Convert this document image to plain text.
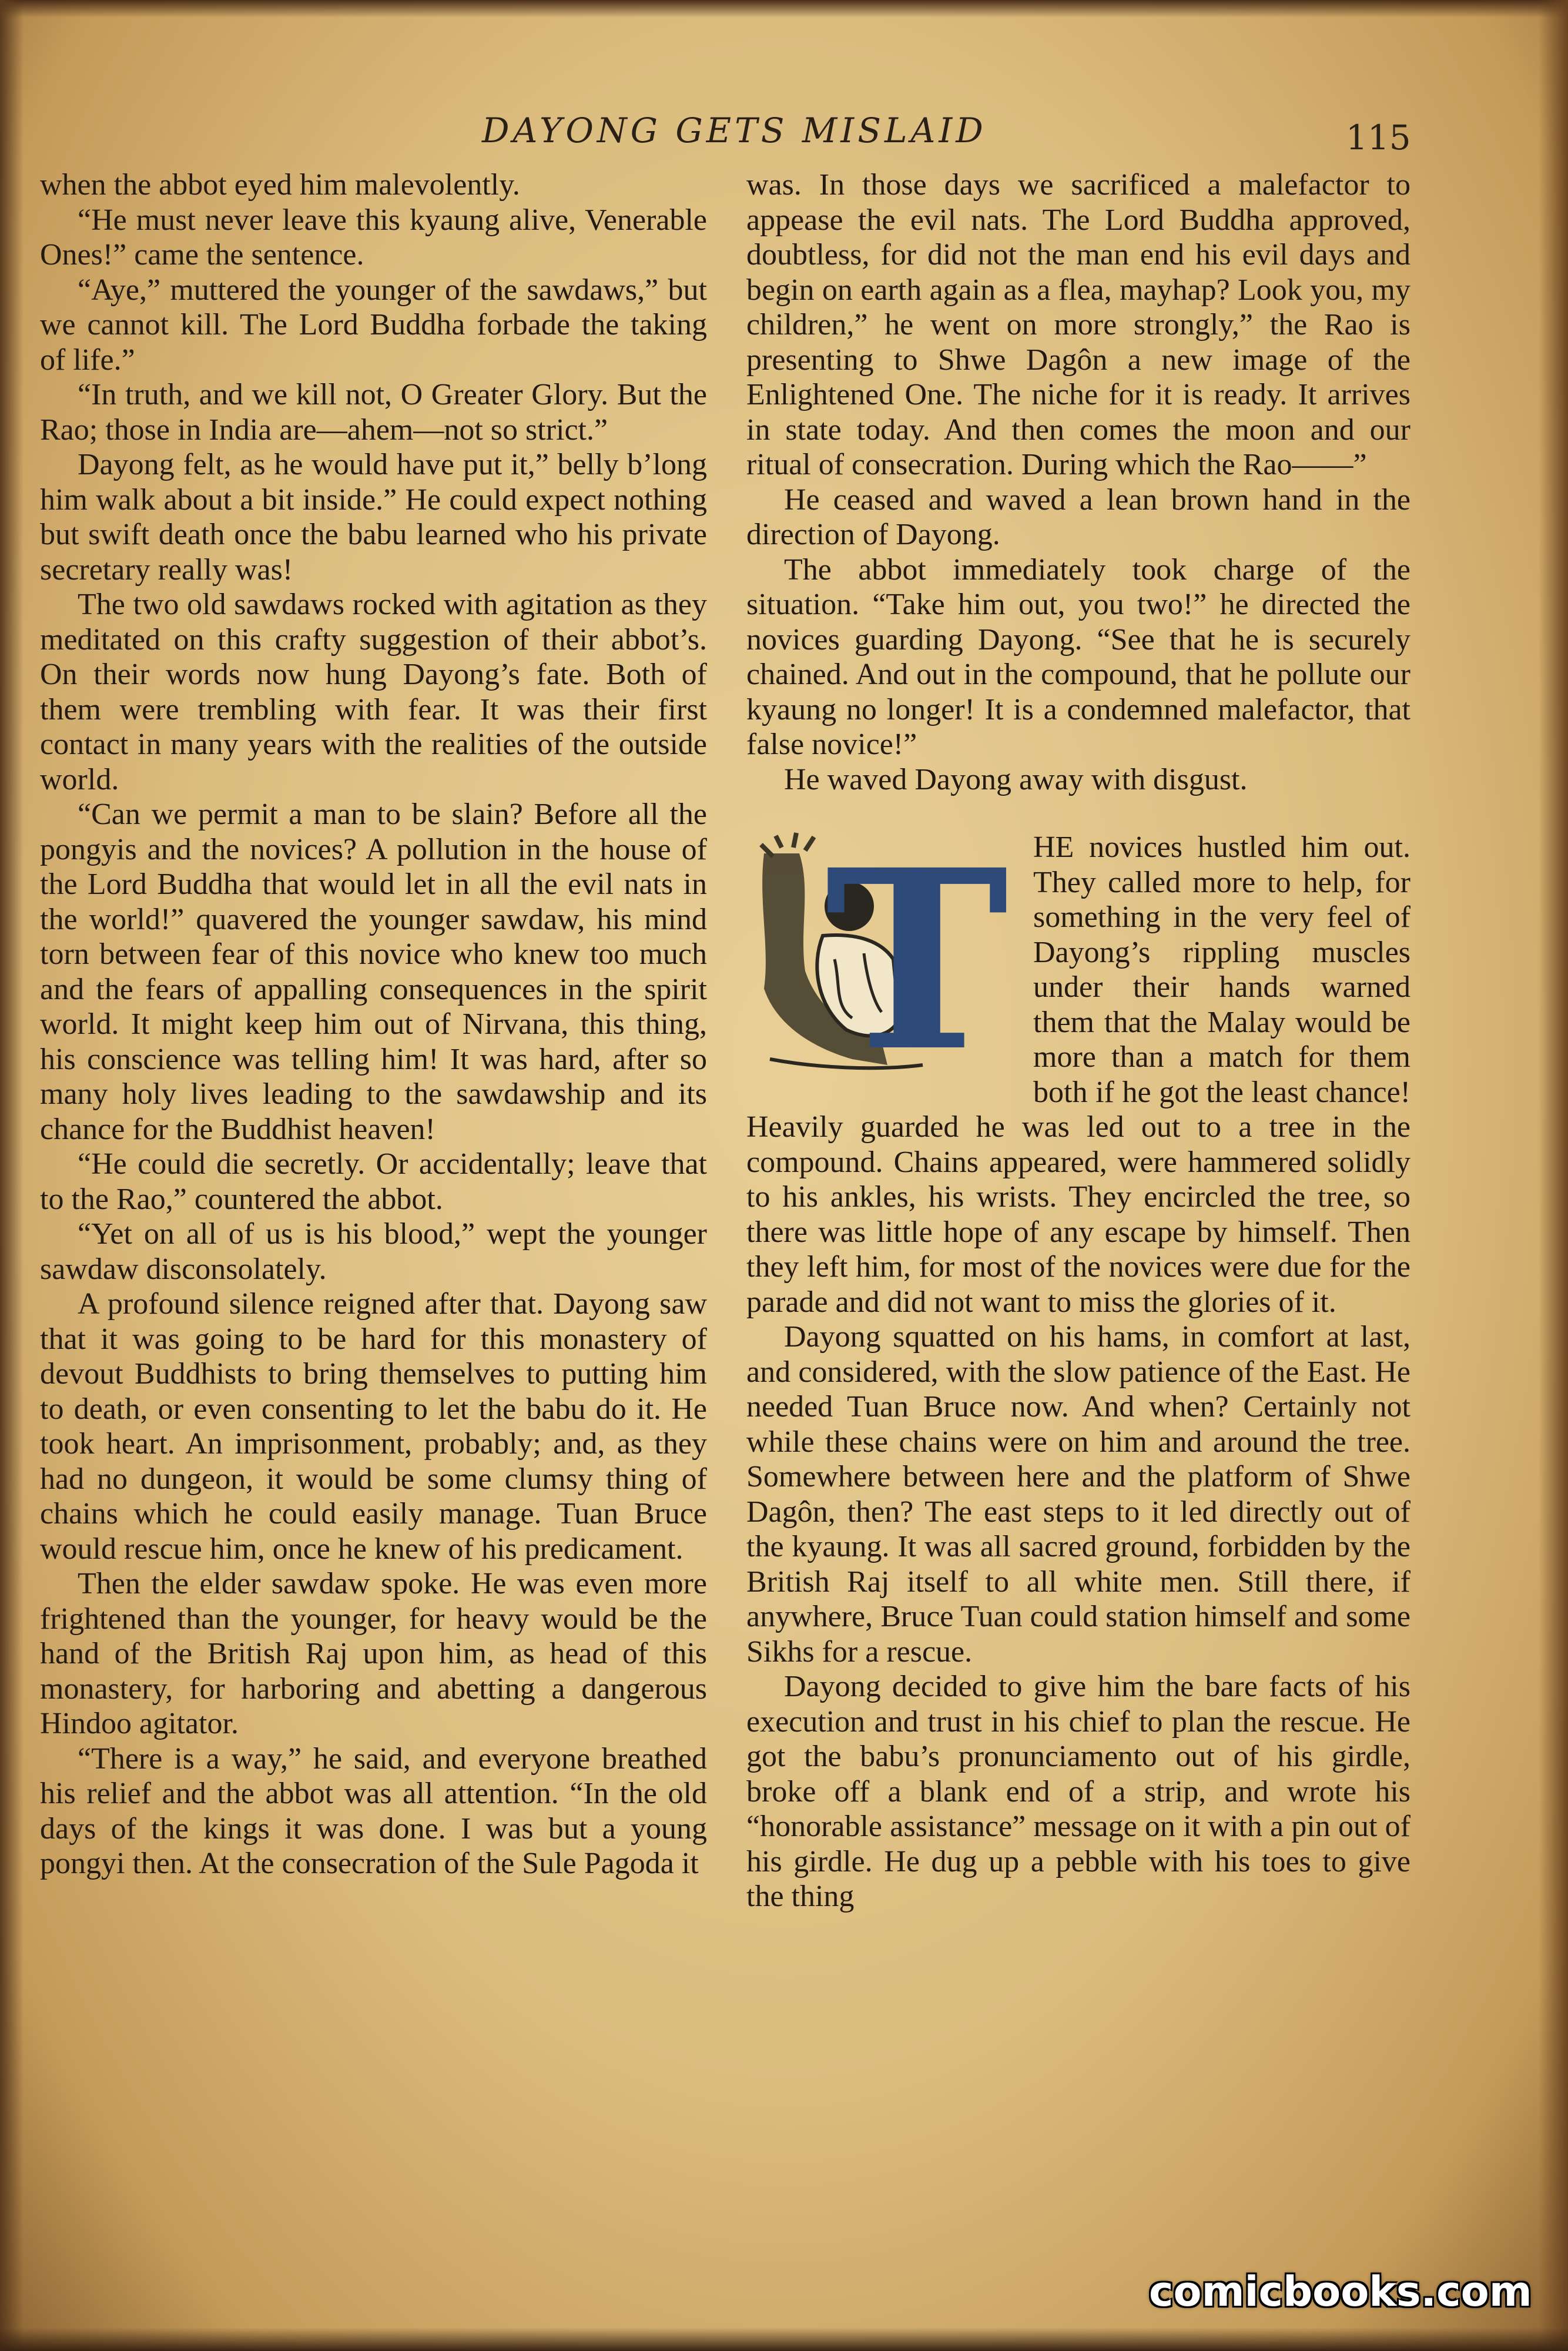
DAYONG GETS MISLAID	115

when the abbot eyed him malevolently.

“He must never leave this kyaung alive, Venerable Ones!” came the sentence.

“Aye,” muttered the younger of the sawdaws,” but we cannot kill. The Lord Buddha forbade the taking of life.”

“In truth, and we kill not, O Greater Glory. But the Rao; those in India are—ahem—not so strict.”

Dayong felt, as he would have put it,” belly b’long him walk about a bit inside.” He could expect nothing but swift death once the babu learned who his private secretary really was!

The two old sawdaws rocked with agitation as they meditated on this crafty suggestion of their abbot’s. On their words now hung Dayong’s fate. Both of them were trembling with fear. It was their first contact in many years with the realities of the outside world.

“Can we permit a man to be slain? Before all the pongyis and the novices? A pollution in the house of the Lord Buddha that would let in all the evil nats in the world!” quavered the younger sawdaw, his mind torn between fear of this novice who knew too much and the fears of appalling consequences in the spirit world. It might keep him out of Nirvana, this thing, his conscience was telling him! It was hard, after so many holy lives leading to the sawdawship and its chance for the Buddhist heaven!

“He could die secretly. Or accidentally; leave that to the Rao,” countered the abbot.

“Yet on all of us is his blood,” wept the younger sawdaw disconsolately.

A profound silence reigned after that. Dayong saw that it was going to be hard for this monastery of devout Buddhists to bring themselves to putting him to death, or even consenting to let the babu do it. He took heart. An imprisonment, probably; and, as they had no dungeon, it would be some clumsy thing of chains which he could easily manage. Tuan Bruce would rescue him, once he knew of his predicament.

Then the elder sawdaw spoke. He was even more frightened than the younger, for heavy would be the hand of the British Raj upon him, as head of this monastery, for harboring and abetting a dangerous Hindoo agitator.

“There is a way,” he said, and everyone breathed his relief and the abbot was all attention. “In the old days of the kings it was done. I was but a young pongyi then. At the consecration of the Sule Pagoda it

was. In those days we sacrificed a malefactor to appease the evil nats. The Lord Buddha approved, doubtless, for did not the man end his evil days and begin on earth again as a flea, mayhap? Look you, my children,” he went on more strongly,” the Rao is presenting to Shwe Dagôn a new image of the Enlightened One. The niche for it is ready. It arrives in state today. And then comes the moon and our ritual of consecration. During which the Rao——”

He ceased and waved a lean brown hand in the direction of Dayong.

The abbot immediately took charge of the situation. “Take him out, you two!” he directed the novices guarding Dayong. “See that he is securely chained. And out in the compound, that he pollute our kyaung no longer! It is a condemned malefactor, that false novice!”

He waved Dayong away with disgust.

T HE novices hustled him out. They called more to help, for something in the very feel of Dayong’s rippling muscles under their hands warned them that the Malay would be more than a match for them both if he got the least chance! Heavily guarded he was led out to a tree in the compound. Chains appeared, were hammered solidly to his ankles, his wrists. They encircled the tree, so there was little hope of any escape by himself. Then they left him, for most of the novices were due for the parade and did not want to miss the glories of it.

Dayong squatted on his hams, in comfort at last, and considered, with the slow patience of the East. He needed Tuan Bruce now. And when? Certainly not while these chains were on him and around the tree. Somewhere between here and the platform of Shwe Dagôn, then? The east steps to it led directly out of the kyaung. It was all sacred ground, forbidden by the British Raj itself to all white men. Still there, if anywhere, Bruce Tuan could station himself and some Sikhs for a rescue.

Dayong decided to give him the bare facts of his execution and trust in his chief to plan the rescue. He got the babu’s pronunciamento out of his girdle, broke off a blank end of a strip, and wrote his “honorable assistance” message on it with a pin out of his girdle. He dug up a pebble with his toes to give the thing

comicbooks.com
